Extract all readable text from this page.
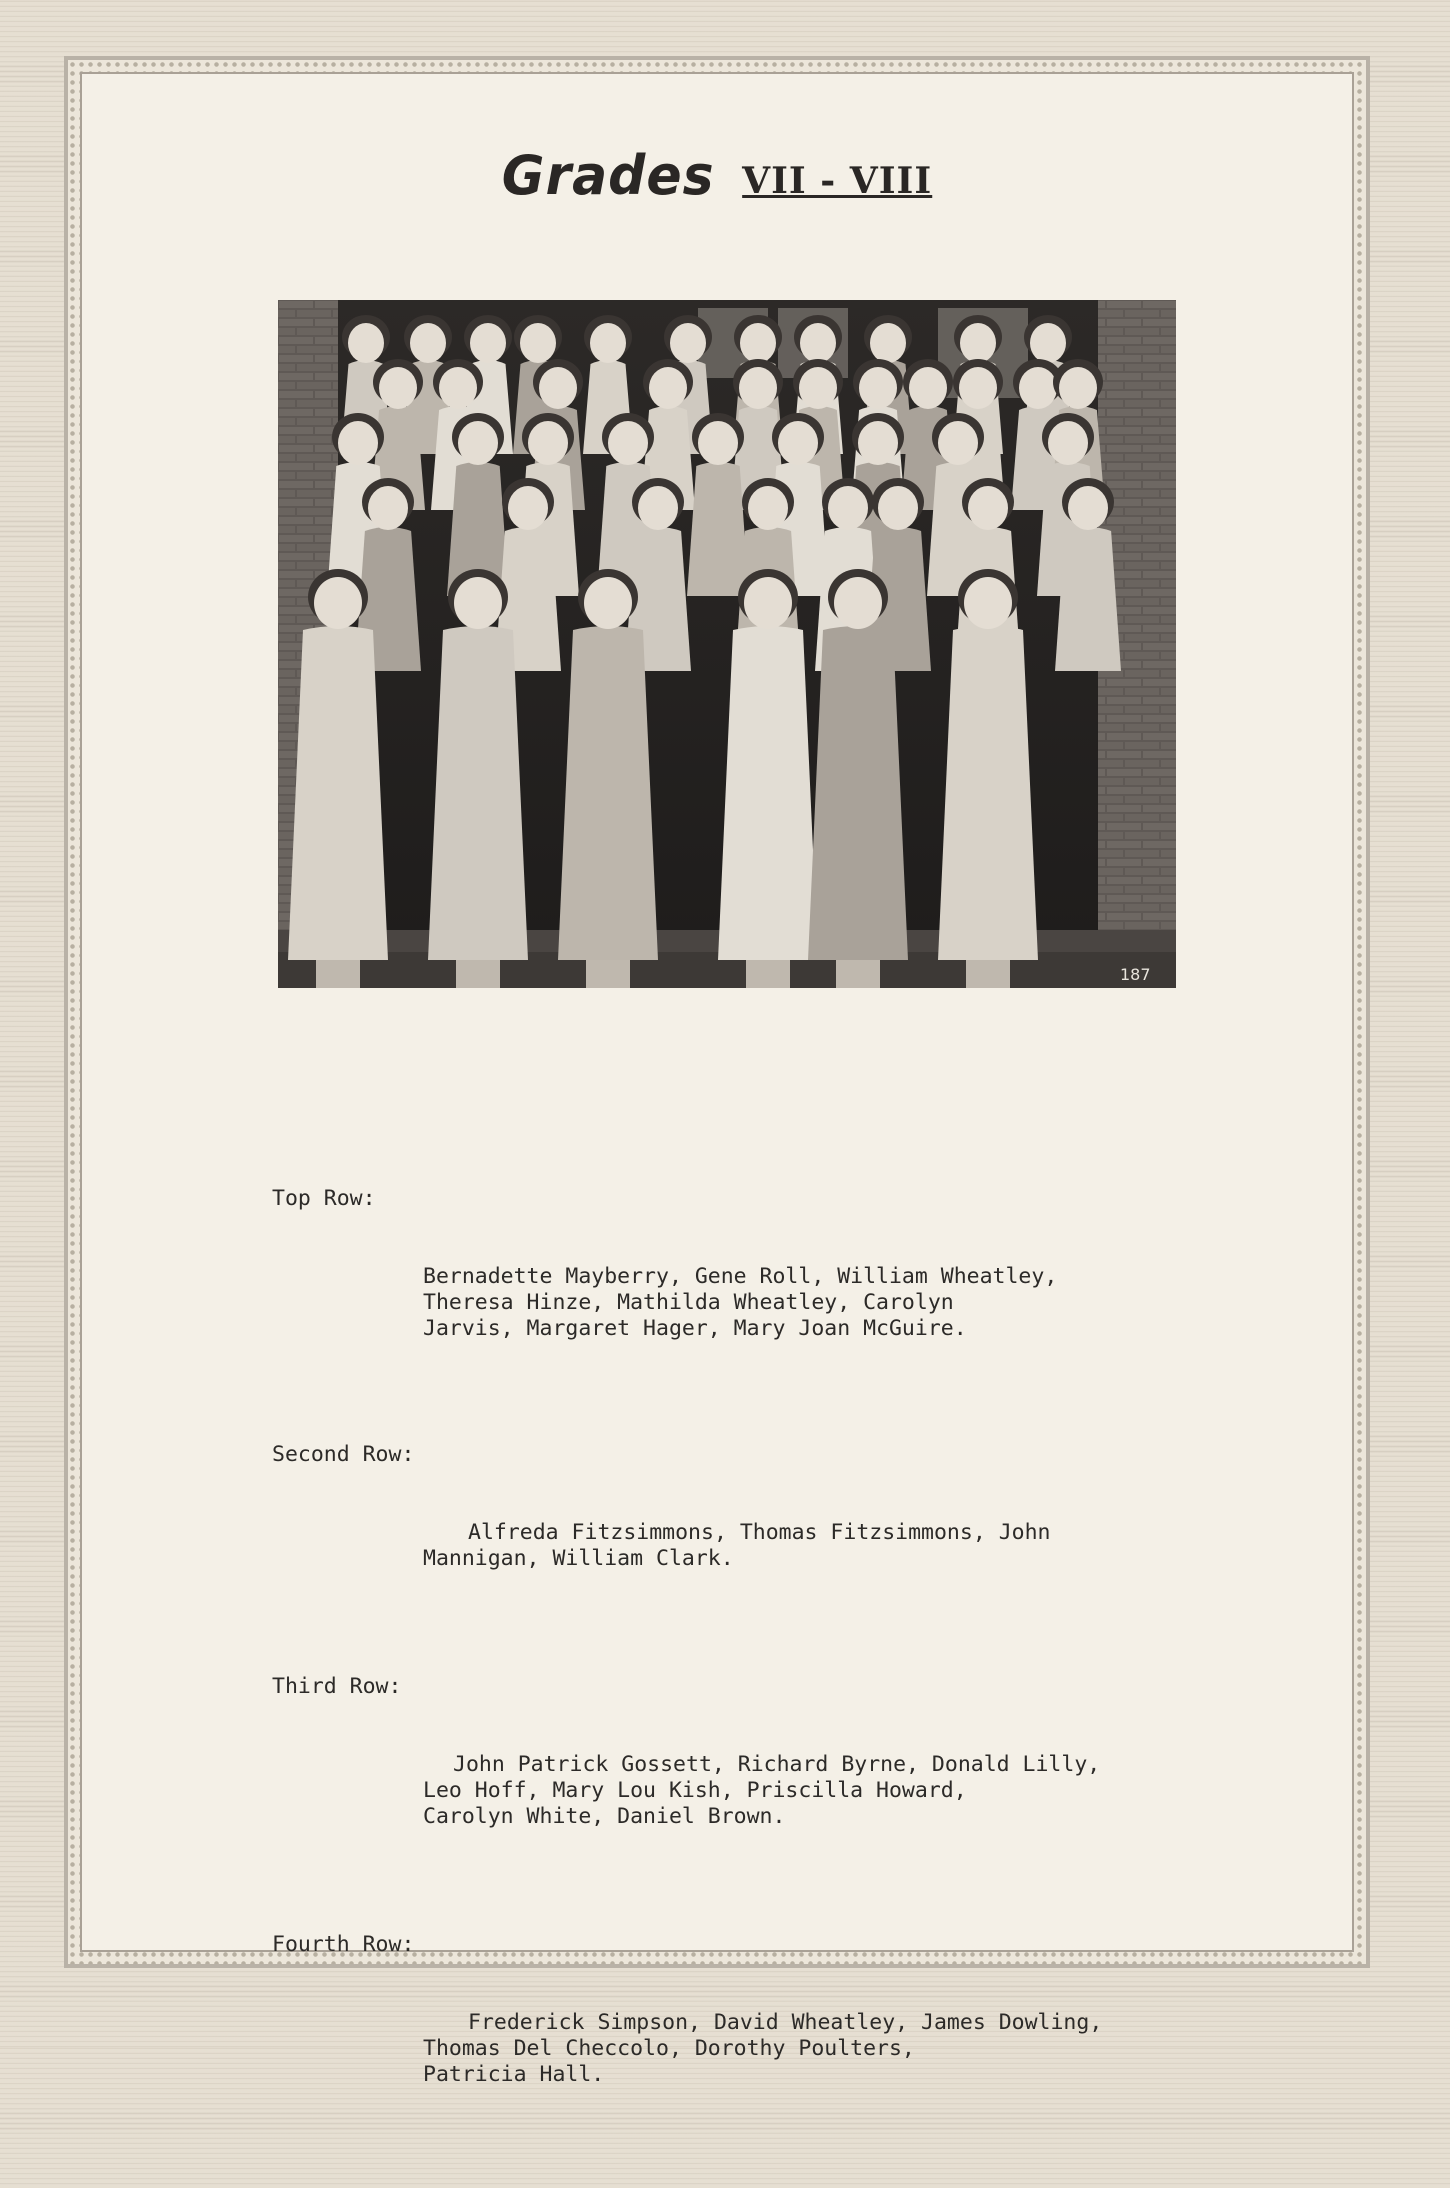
Grades VII - VIII
187

Top Row:

Bernadette Mayberry, Gene Roll, William Wheatley,
Theresa Hinze, Mathilda Wheatley, Carolyn
Jarvis, Margaret Hager, Mary Joan McGuire.

Second Row:

Alfreda Fitzsimmons, Thomas Fitzsimmons, John
Mannigan, William Clark.

Third Row:

John Patrick Gossett, Richard Byrne, Donald Lilly,
Leo Hoff, Mary Lou Kish, Priscilla Howard,
Carolyn White, Daniel Brown.

Fourth Row:

Frederick Simpson, David Wheatley, James Dowling,
Thomas Del Checcolo, Dorothy Poulters,
Patricia Hall.
